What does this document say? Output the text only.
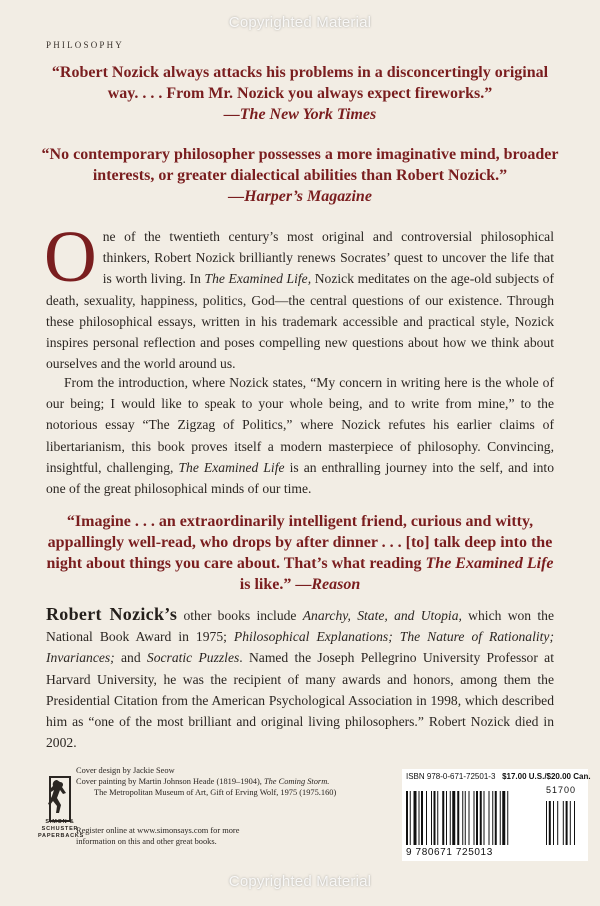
Copyrighted Material
PHILOSOPHY
“Robert Nozick always attacks his problems in a disconcertingly original way. . . . From Mr. Nozick you always expect fireworks.”
—The New York Times
“No contemporary philosopher possesses a more imaginative mind, broader interests, or greater dialectical abilities than Robert Nozick.”
—Harper’s Magazine
One of the twentieth century’s most original and controversial philosophical thinkers, Robert Nozick brilliantly renews Socrates’ quest to uncover the life that is worth living. In The Examined Life, Nozick meditates on the age-old subjects of death, sexuality, happiness, politics, God—the central questions of our existence. Through these philosophical essays, written in his trademark accessible and practical style, Nozick inspires personal reflection and poses compelling new questions about how we think about ourselves and the world around us.
From the introduction, where Nozick states, “My concern in writing here is the whole of our being; I would like to speak to your whole being, and to write from mine,” to the notorious essay “The Zigzag of Politics,” where Nozick refutes his earlier claims of libertarianism, this book proves itself a modern masterpiece of philosophy. Convincing, insightful, challenging, The Examined Life is an enthralling journey into the self, and into one of the great philosophical minds of our time.
“Imagine . . . an extraordinarily intelligent friend, curious and witty, appallingly well-read, who drops by after dinner . . . [to] talk deep into the night about things you care about. That’s what reading The Examined Life is like.” —Reason
Robert Nozick’s other books include Anarchy, State, and Utopia, which won the National Book Award in 1975; Philosophical Explanations; The Nature of Rationality; Invariances; and Socratic Puzzles. Named the Joseph Pellegrino University Professor at Harvard University, he was the recipient of many awards and honors, among them the Presidential Citation from the American Psychological Association in 1998, which described him as “one of the most brilliant and original living philosophers.” Robert Nozick died in 2002.
SIMON &
SCHUSTER
PAPERBACKS
Cover design by Jackie Seow
Cover painting by Martin Johnson Heade (1819–1904), The Coming Storm.
The Metropolitan Museum of Art, Gift of Erving Wolf, 1975 (1975.160)
Register online at www.simonsays.com for more
information on this and other great books.
ISBN 978-0-671-72501-3 $17.00 U.S./$20.00 Can.
51700
9 780671 725013
Copyrighted Material
